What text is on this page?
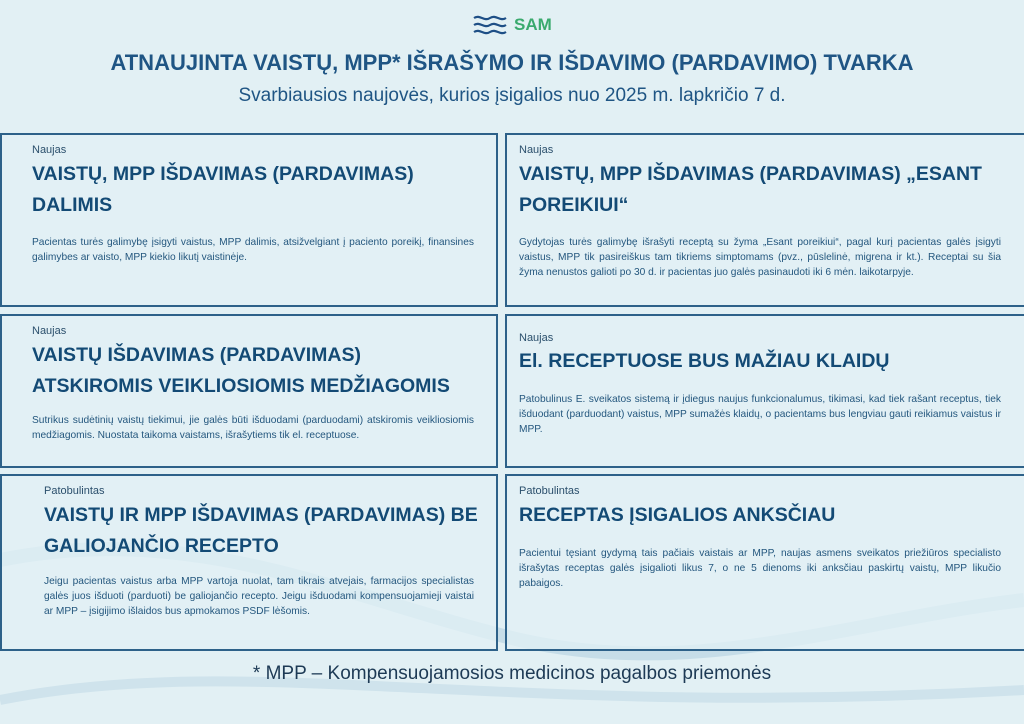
SAM
ATNAUJINTA VAISTŲ, MPP* IŠRAŠYMO IR IŠDAVIMO (PARDAVIMO) TVARKA
Svarbiausios naujovės, kurios įsigalios nuo 2025 m. lapkričio 7 d.
Naujas
VAISTŲ, MPP IŠDAVIMAS (PARDAVIMAS) DALIMIS
Pacientas turės galimybę įsigyti vaistus, MPP dalimis, atsižvelgiant į paciento poreikį, finansines galimybes ar vaisto, MPP kiekio likutį vaistinėje.
Naujas
VAISTŲ, MPP IŠDAVIMAS (PARDAVIMAS) „ESANT POREIKIUI“
Gydytojas turės galimybę išrašyti receptą su žyma „Esant poreikiui“, pagal kurį pacientas galės įsigyti vaistus, MPP tik pasireiškus tam tikriems simptomams (pvz., pūslelinė, migrena ir kt.). Receptai su šia žyma nenustos galioti po 30 d. ir pacientas juo galės pasinaudoti iki 6 mėn. laikotarpyje.
Naujas
VAISTŲ IŠDAVIMAS (PARDAVIMAS) ATSKIROMIS VEIKLIOSIOMIS MEDŽIAGOMIS
Sutrikus sudėtinių vaistų tiekimui, jie galės būti išduodami (parduodami) atskiromis veikliosiomis medžiagomis. Nuostata taikoma vaistams, išrašytiems tik el. receptuose.
Naujas
El. RECEPTUOSE BUS MAŽIAU KLAIDŲ
Patobulinus E. sveikatos sistemą ir įdiegus naujus funkcionalumus, tikimasi, kad tiek rašant receptus, tiek išduodant (parduodant) vaistus, MPP sumažės klaidų, o pacientams bus lengviau gauti reikiamus vaistus ir MPP.
Patobulintas
VAISTŲ IR MPP IŠDAVIMAS (PARDAVIMAS) BE GALIOJANČIO RECEPTO
Jeigu pacientas vaistus arba MPP vartoja nuolat, tam tikrais atvejais, farmacijos specialistas galės juos išduoti (parduoti) be galiojančio recepto. Jeigu išduodami kompensuojamieji vaistai ar MPP – įsigijimo išlaidos bus apmokamos PSDF lėšomis.
Patobulintas
RECEPTAS ĮSIGALIOS ANKSČIAU
Pacientui tęsiant gydymą tais pačiais vaistais ar MPP, naujas asmens sveikatos priežiūros specialisto išrašytas receptas galės įsigalioti likus 7, o ne 5 dienoms iki anksčiau paskirtų vaistų, MPP likučio pabaigos.
* MPP – Kompensuojamosios medicinos pagalbos priemonės
